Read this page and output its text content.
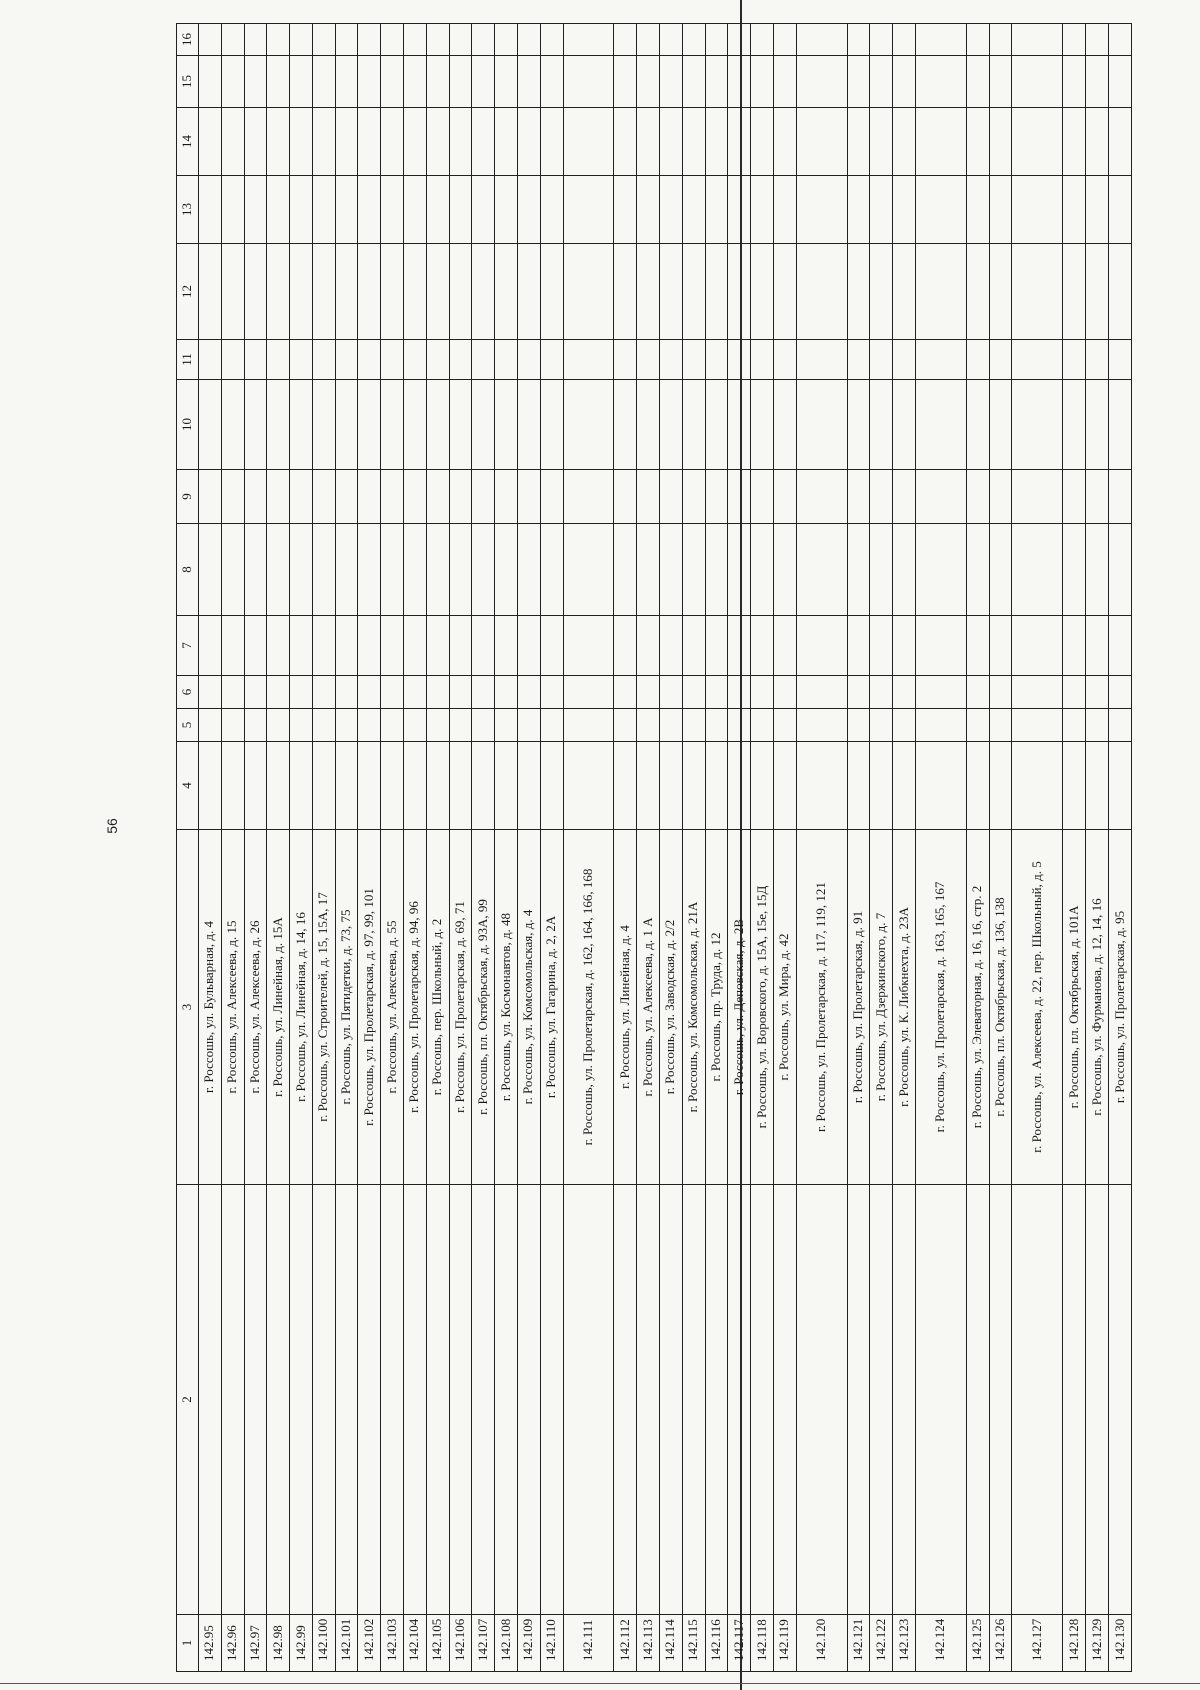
56
1	2	3	4	5	6	7	8	9	10	11	12	13	14	15	16
142.95		г. Россошь, ул. Бульварная, д. 4													
142.96		г. Россошь, ул. Алексеева, д. 15													
142.97		г. Россошь, ул. Алексеева, д. 26													
142.98		г. Россошь, ул. Линейная, д. 15А													
142.99		г. Россошь, ул. Линейная, д. 14, 16													
142.100		г. Россошь, ул. Строителей, д. 15, 15А, 17													
142.101		г. Россошь, ул. Пятидетки, д. 73, 75													
142.102		г. Россошь, ул. Пролетарская, д. 97, 99, 101													
142.103		г. Россошь, ул. Алексеева, д. 55													
142.104		г. Россошь, ул. Пролетарская, д. 94, 96													
142.105		г. Россошь, пер. Школьный, д. 2													
142.106		г. Россошь, ул. Пролетарская, д. 69, 71													
142.107		г. Россошь, пл. Октябрьская, д. 93А, 99													
142.108		г. Россошь, ул. Космонавтов, д. 48													
142.109		г. Россошь, ул. Комсомольская, д. 4													
142.110		г. Россошь, ул. Гагарина, д. 2, 2А													
142.111		г. Россошь, ул. Пролетарская, д. 162, 164, 166, 168													
142.112		г. Россошь, ул. Линейная, д. 4													
142.113		г. Россошь, ул. Алексеева, д. 1 А													
142.114		г. Россошь, ул. Заводская, д. 2/2													
142.115		г. Россошь, ул. Комсомольская, д. 21А													
142.116		г. Россошь, пр. Труда, д. 12													
142.117		г. Россошь, ул. Деповская, д. 2В													
142.118		г. Россошь, ул. Воровского, д. 15А, 15е, 15Д													
142.119		г. Россошь, ул. Мира, д. 42													
142.120		г. Россошь, ул. Пролетарская, д. 117, 119, 121													
142.121		г. Россошь, ул. Пролетарская, д. 91													
142.122		г. Россошь, ул. Дзержинского, д. 7													
142.123		г. Россошь, ул. К. Либкнехта, д. 23А													
142.124		г. Россошь, ул. Пролетарская, д. 163, 165, 167													
142.125		г. Россошь, ул. Элеваторная, д. 16, 16, стр. 2													
142.126		г. Россошь, пл. Октябрьская, д. 136, 138													
142.127		г. Россошь, ул. Алексеева, д. 22, пер. Школьный, д. 5													
142.128		г. Россошь, пл. Октябрьская, д. 101А													
142.129		г. Россошь, ул. Фурманова, д. 12, 14, 16													
142.130		г. Россошь, ул. Пролетарская, д. 95													
